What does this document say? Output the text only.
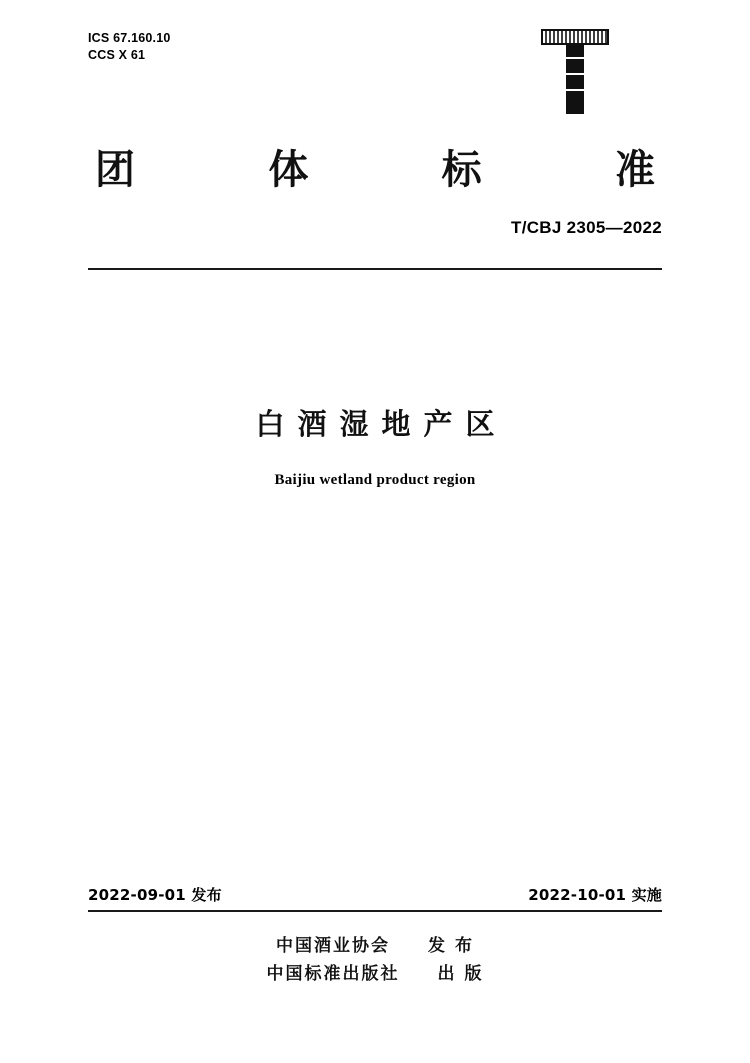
ICS 67.160.10
CCS X 61
团	体	标	准
T/CBJ 2305—2022
白酒湿地产区
Baijiu wetland product region
2022-09-01 发布	2022-10-01 实施
中国酒业协会　　发 布
中国标准出版社　　出 版
